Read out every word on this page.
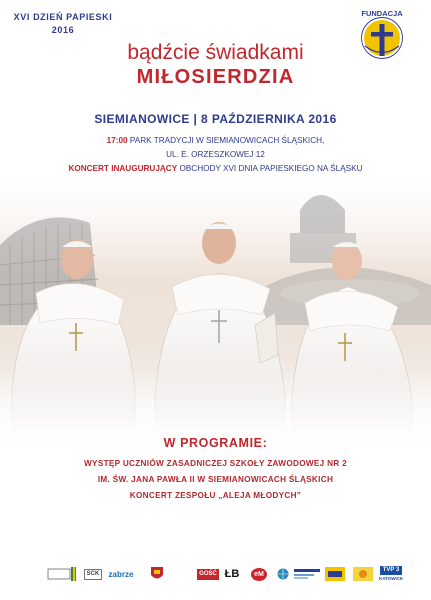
XVI DZIEŃ PAPIESKI
2016
FUNDACJA
bądźcie świadkami
MIŁOSIERDZIA
SIEMIANOWICE | 8 PAŹDZIERNIKA 2016
17:00 PARK TRADYCJI W SIEMIANOWICACH ŚLĄSKICH,
UL. E. ORZESZKOWEJ 12
KONCERT INAUGURUJĄCY OBCHODY XVI DNIA PAPIESKIEGO NA ŚLĄSKU
W PROGRAMIE:
WYSTĘP UCZNIÓW ZASADNICZEJ SZKOŁY ZAWODOWEJ NR 2
IM. ŚW. JANA PAWŁA II W SIEMIANOWICACH ŚLĄSKICH
KONCERT ZESPOŁU „ALEJA MŁODYCH”
SCK	zabrze	GOŚĆ ŁB	eM
TVP 3
KATOWICE
